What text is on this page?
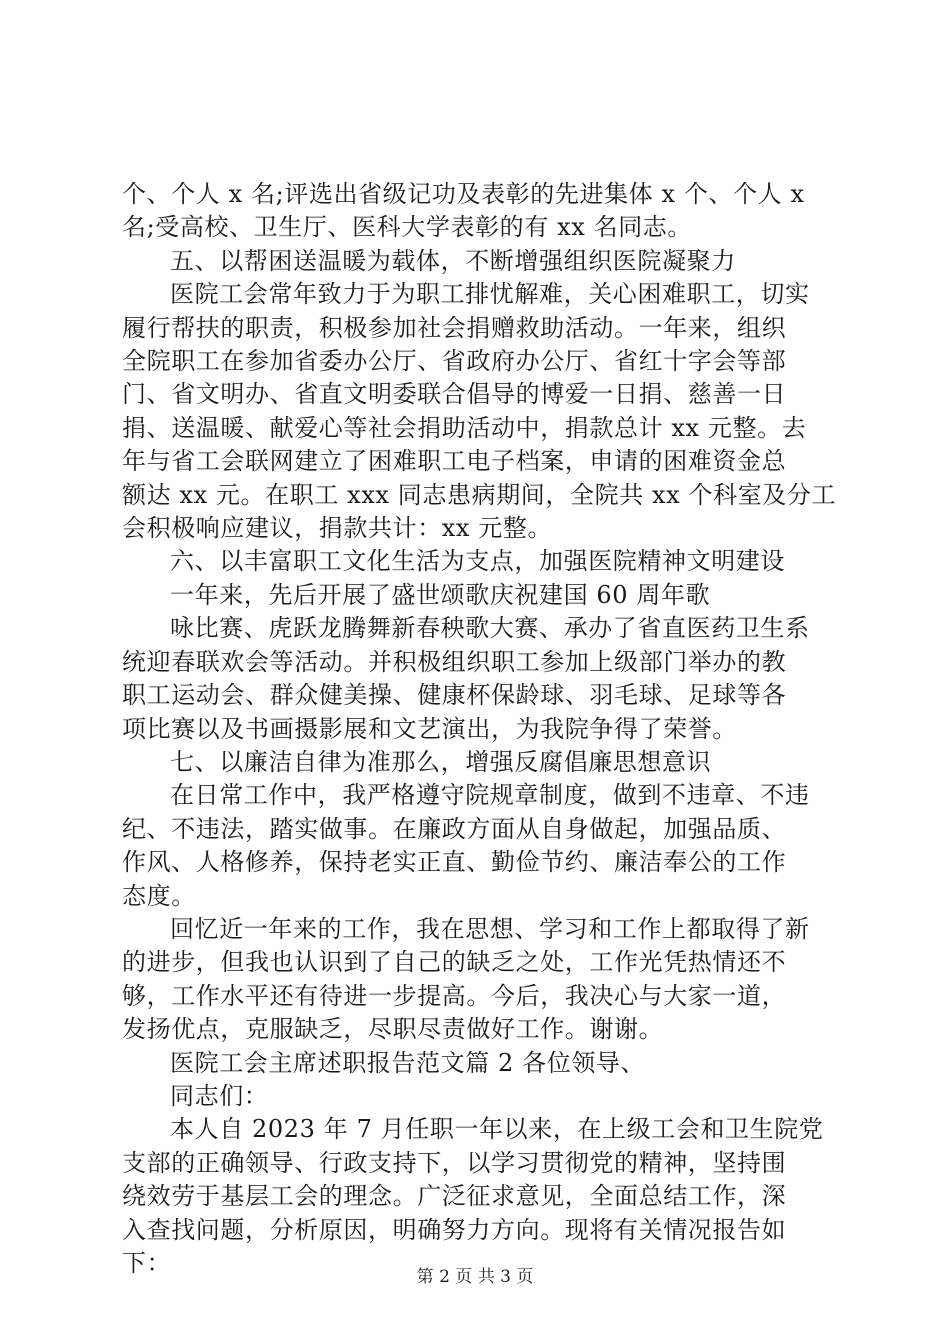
个、个人 x 名;评选出省级记功及表彰的先进集体 x 个、个人 x
名;受高校、卫生厅、医科大学表彰的有 xx 名同志。
五、以帮困送温暖为载体，不断增强组织医院凝聚力
医院工会常年致力于为职工排忧解难，关心困难职工，切实
履行帮扶的职责，积极参加社会捐赠救助活动。一年来，组织
全院职工在参加省委办公厅、省政府办公厅、省红十字会等部
门、省文明办、省直文明委联合倡导的博爱一日捐、慈善一日
捐、送温暖、献爱心等社会捐助活动中，捐款总计 xx 元整。去
年与省工会联网建立了困难职工电子档案，申请的困难资金总
额达 xx 元。在职工 xxx 同志患病期间，全院共 xx 个科室及分工
会积极响应建议，捐款共计：xx 元整。
六、以丰富职工文化生活为支点，加强医院精神文明建设
一年来，先后开展了盛世颂歌庆祝建国 60 周年歌
咏比赛、虎跃龙腾舞新春秧歌大赛、承办了省直医药卫生系
统迎春联欢会等活动。并积极组织职工参加上级部门举办的教
职工运动会、群众健美操、健康杯保龄球、羽毛球、足球等各
项比赛以及书画摄影展和文艺演出，为我院争得了荣誉。
七、以廉洁自律为准那么，增强反腐倡廉思想意识
在日常工作中，我严格遵守院规章制度，做到不违章、不违
纪、不违法，踏实做事。在廉政方面从自身做起，加强品质、
作风、人格修养，保持老实正直、勤俭节约、廉洁奉公的工作
态度。
回忆近一年来的工作，我在思想、学习和工作上都取得了新
的进步，但我也认识到了自己的缺乏之处，工作光凭热情还不
够，工作水平还有待进一步提高。今后，我决心与大家一道，
发扬优点，克服缺乏，尽职尽责做好工作。谢谢。
医院工会主席述职报告范文篇 2 各位领导、
同志们：
本人自 2023 年 7 月任职一年以来，在上级工会和卫生院党
支部的正确领导、行政支持下，以学习贯彻党的精神，坚持围
绕效劳于基层工会的理念。广泛征求意见，全面总结工作，深
入查找问题，分析原因，明确努力方向。现将有关情况报告如
下：	第 2 页 共 3 页
